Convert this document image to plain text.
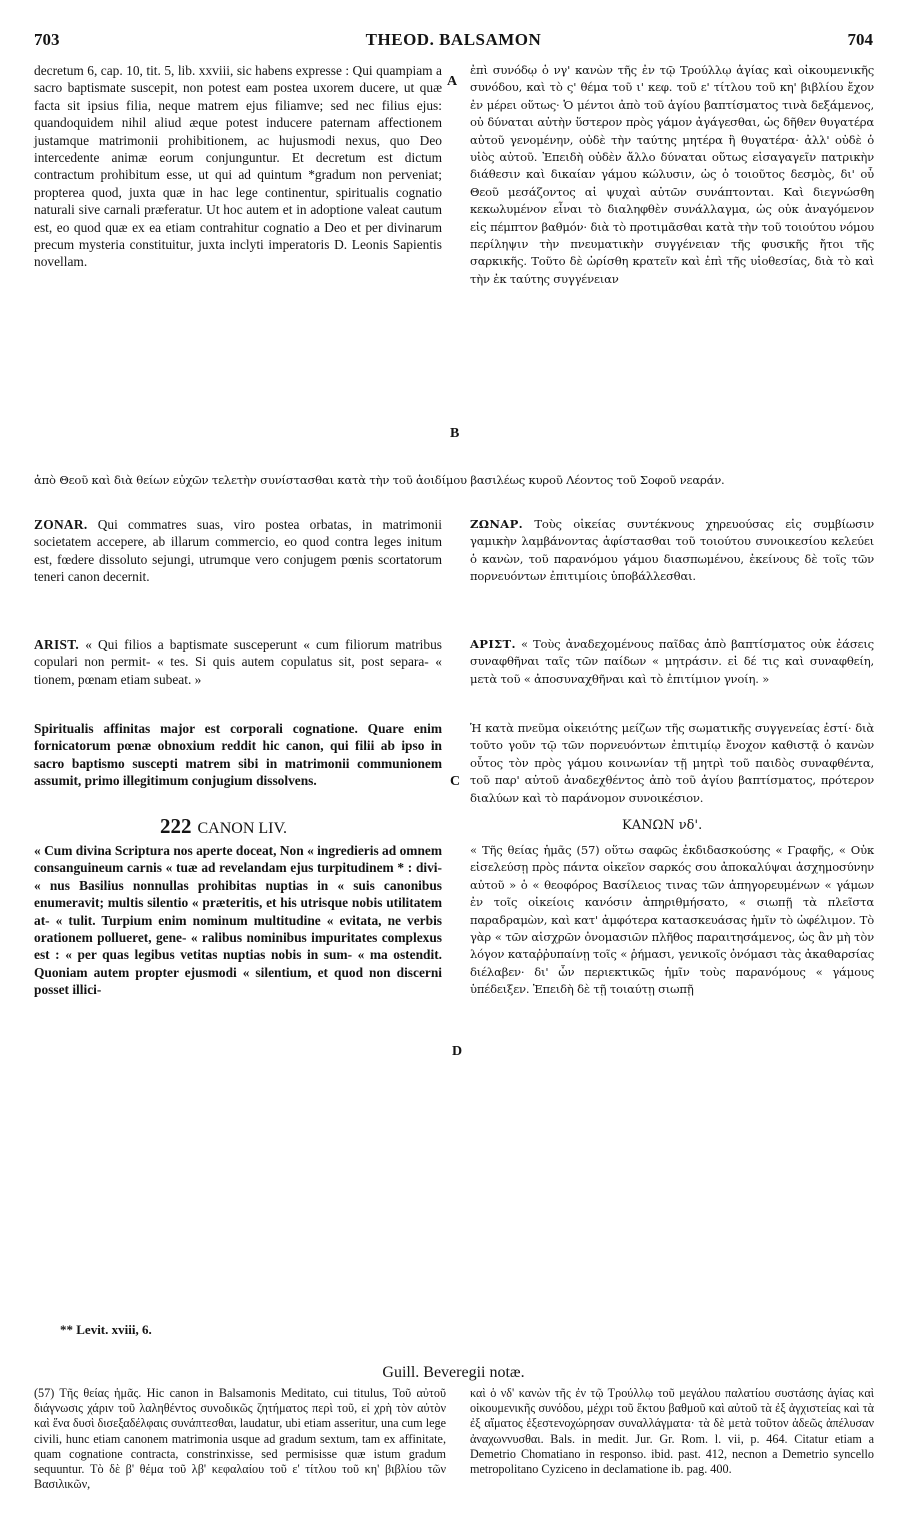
703	THEOD. BALSAMON	704

decretum 6, cap. 10, tit. 5, lib. xxviii, sic habens expresse : Qui quampiam a sacro baptismate suscepit, non potest eam postea uxorem ducere, ut quæ facta sit ipsius filia, neque matrem ejus filiamve; sed nec filius ejus: quandoquidem nihil aliud æque potest inducere paternam affectionem justamque matrimonii prohibitionem, ac hujusmodi nexus, quo Deo intercedente animæ eorum conjunguntur. Et decretum est dictum contractum prohibitum esse, ut qui ad quintum *gradum non perveniat; propterea quod, juxta quæ in hac lege continentur, spiritualis cognatio naturali sive carnali præferatur. Ut hoc autem et in adoptione valeat cautum est, eo quod quæ ex ea etiam contrahitur cognatio a Deo et per divinarum precum mysteria constituitur, juxta inclyti imperatoris D. Leonis Sapientis novellam.

ἐπὶ συνόδῳ ὁ νγ' κανὼν τῆς ἐν τῷ Τρούλλῳ ἁγίας καὶ οἰκουμενικῆς συνόδου, καὶ τὸ ς' θέμα τοῦ ι' κεφ. τοῦ ε' τίτλου τοῦ κη' βιβλίου ἔχον ἐν μέρει οὕτως· Ὁ μέντοι ἀπὸ τοῦ ἁγίου βαπτίσματος τινὰ δεξάμενος, οὐ δύναται αὐτὴν ὕστερον πρὸς γάμον ἀγάγεσθαι, ὡς δῆθεν θυγατέρα αὐτοῦ γενομένην, οὐδὲ τὴν ταύτης μητέρα ἢ θυγατέρα· ἀλλ' οὐδὲ ὁ υἱὸς αὐτοῦ. Ἐπειδὴ οὐδὲν ἄλλο δύναται οὕτως εἰσαγαγεῖν πατρικὴν διάθεσιν καὶ δικαίαν γάμου κώλυσιν, ὡς ὁ τοιοῦτος δεσμὸς, δι' οὗ Θεοῦ μεσάζοντος αἱ ψυχαὶ αὐτῶν συνάπτονται. Καὶ διεγνώσθη κεκωλυμένον εἶναι τὸ διαληφθὲν συνάλλαγμα, ὡς οὐκ ἀναγόμενον εἰς πέμπτον βαθμόν· διὰ τὸ προτιμᾶσθαι κατὰ τὴν τοῦ τοιούτου νόμου περίληψιν τὴν πνευματικὴν συγγένειαν τῆς φυσικῆς ἤτοι τῆς σαρκικῆς. Τοῦτο δὲ ὡρίσθη κρατεῖν καὶ ἐπὶ τῆς υἱοθεσίας, διὰ τὸ καὶ τὴν ἐκ ταύτης συγγένειαν

A
B

ἀπὸ Θεοῦ καὶ διὰ θείων εὐχῶν τελετὴν συνίστασθαι κατὰ τὴν τοῦ ἀοιδίμου βασιλέως κυροῦ Λέοντος τοῦ Σοφοῦ νεαράν.

ZONAR. Qui commatres suas, viro postea orbatas, in matrimonii societatem accepere, ab illarum commercio, eo quod contra leges initum est, fœdere dissoluto sejungi, utrumque vero conjugem pœnis scortatorum teneri canon decernit.

ΖΩΝΑΡ. Τοὺς οἰκείας συντέκνους χηρευούσας εἰς συμβίωσιν γαμικὴν λαμβάνοντας ἀφίστασθαι τοῦ τοιούτου συνοικεσίου κελεύει ὁ κανὼν, τοῦ παρανόμου γάμου διασπωμένου, ἐκείνους δὲ τοῖς τῶν πορνευόντων ἐπιτιμίοις ὑποβάλλεσθαι.

ARIST. « Qui filios a baptismate susceperunt « cum filiorum matribus copulari non permit- « tes. Si quis autem copulatus sit, post separa- « tionem, pœnam etiam subeat. »

ΑΡΙΣΤ. « Τοὺς ἀναδεχομένους παῖδας ἀπὸ βαπτίσματος οὐκ ἐάσεις συναφθῆναι ταῖς τῶν παίδων « μητράσιν. εἰ δέ τις καὶ συναφθείη, μετὰ τοῦ « ἀποσυναχθῆναι καὶ τὸ ἐπιτίμιον γνοίη. »

Spiritualis affinitas major est corporali cognatione. Quare enim fornicatorum pœnæ obnoxium reddit hic canon, qui filii ab ipso in sacro baptismo suscepti matrem sibi in matrimonii communionem assumit, primo illegitimum conjugium dissolvens.

Ἡ κατὰ πνεῦμα οἰκειότης μείζων τῆς σωματικῆς συγγενείας ἐστί· διὰ τοῦτο γοῦν τῷ τῶν πορνευόντων ἐπιτιμίῳ ἔνοχον καθιστᾷ ὁ κανὼν οὗτος τὸν πρὸς γάμου κοινωνίαν τῇ μητρὶ τοῦ παιδὸς συναφθέντα, τοῦ παρ' αὐτοῦ ἀναδεχθέντος ἀπὸ τοῦ ἁγίου βαπτίσματος, πρότερον διαλύων καὶ τὸ παράνομον συνοικέσιον.

C
222 CANON LIV.	ΚΑΝΩΝ νδ'.

« Cum divina Scriptura nos aperte doceat, Non « ingredieris ad omnem consanguineum carnis « tuæ ad revelandam ejus turpitudinem * : divi- « nus Basilius nonnullas prohibitas nuptias in « suis canonibus enumeravit; multis silentio « præteritis, et his utrisque nobis utilitatem at- « tulit. Turpium enim nominum multitudine « evitata, ne verbis orationem pollueret, gene- « ralibus nominibus impuritates complexus est : « per quas legibus vetitas nuptias nobis in sum- « ma ostendit. Quoniam autem propter ejusmodi « silentium, et quod non discerni posset illici-

« Τῆς θείας ἡμᾶς (57) οὕτω σαφῶς ἐκδιδασκούσης « Γραφῆς, « Οὐκ εἰσελεύσῃ πρὸς πάντα οἰκεῖον σαρκός σου ἀποκαλύψαι ἀσχημοσύνην αὐτοῦ » ὁ « θεοφόρος Βασίλειος τινας τῶν ἀπηγορευμένων « γάμων ἐν τοῖς οἰκείοις κανόσιν ἀπηριθμήσατο, « σιωπῇ τὰ πλεῖστα παραδραμὼν, καὶ κατ' ἀμφότερα κατασκευάσας ἡμῖν τὸ ὠφέλιμον. Τὸ γὰρ « τῶν αἰσχρῶν ὀνομασιῶν πλῆθος παραιτησάμενος, ὡς ἂν μὴ τὸν λόγον καταῤῥυπαίνῃ τοῖς « ῥήμασι, γενικοῖς ὀνόμασι τὰς ἀκαθαρσίας διέλαβεν· δι' ὧν περιεκτικῶς ἡμῖν τοὺς παρανόμους « γάμους ὑπέδειξεν. Ἐπειδὴ δὲ τῇ τοιαύτῃ σιωπῇ

D
** Levit. xviii, 6.
Guill. Beveregii notæ.

(57) Τῆς θείας ἡμᾶς. Hic canon in Balsamonis Meditato, cui titulus, Τοῦ αὐτοῦ διάγνωσις χάριν τοῦ λαληθέντος συνοδικῶς ζητήματος περὶ τοῦ, εἰ χρὴ τὸν αὐτὸν καὶ ἕνα δυσὶ δισεξαδέλφαις συνάπτεσθαι, laudatur, ubi etiam asseritur, una cum lege civili, hunc etiam canonem matrimonia usque ad gradum sextum, tam ex affinitate, quam cognatione contracta, constrinxisse, sed permisisse quæ istum gradum sequuntur. Τὸ δὲ β' θέμα τοῦ λβ' κεφαλαίου τοῦ ε' τίτλου τοῦ κη' βιβλίου τῶν Βασιλικῶν,

καὶ ὁ νδ' κανὼν τῆς ἐν τῷ Τρούλλῳ τοῦ μεγάλου παλατίου συστάσης ἁγίας καὶ οἰκουμενικῆς συνόδου, μέχρι τοῦ ἕκτου βαθμοῦ καὶ αὐτοῦ τὰ ἐξ ἀγχιστείας καὶ τὰ ἐξ αἵματος ἐξεστενοχώρησαν συναλλάγματα· τὰ δὲ μετὰ τοῦτον ἀδεῶς ἀπέλυσαν ἀναχωννυσθαι. Bals. in medit. Jur. Gr. Rom. l. vii, p. 464. Citatur etiam a Demetrio Chomatiano in responso. ibid. past. 412, necnon a Demetrio syncello metropolitano Cyziceno in declamatione ib. pag. 400.
